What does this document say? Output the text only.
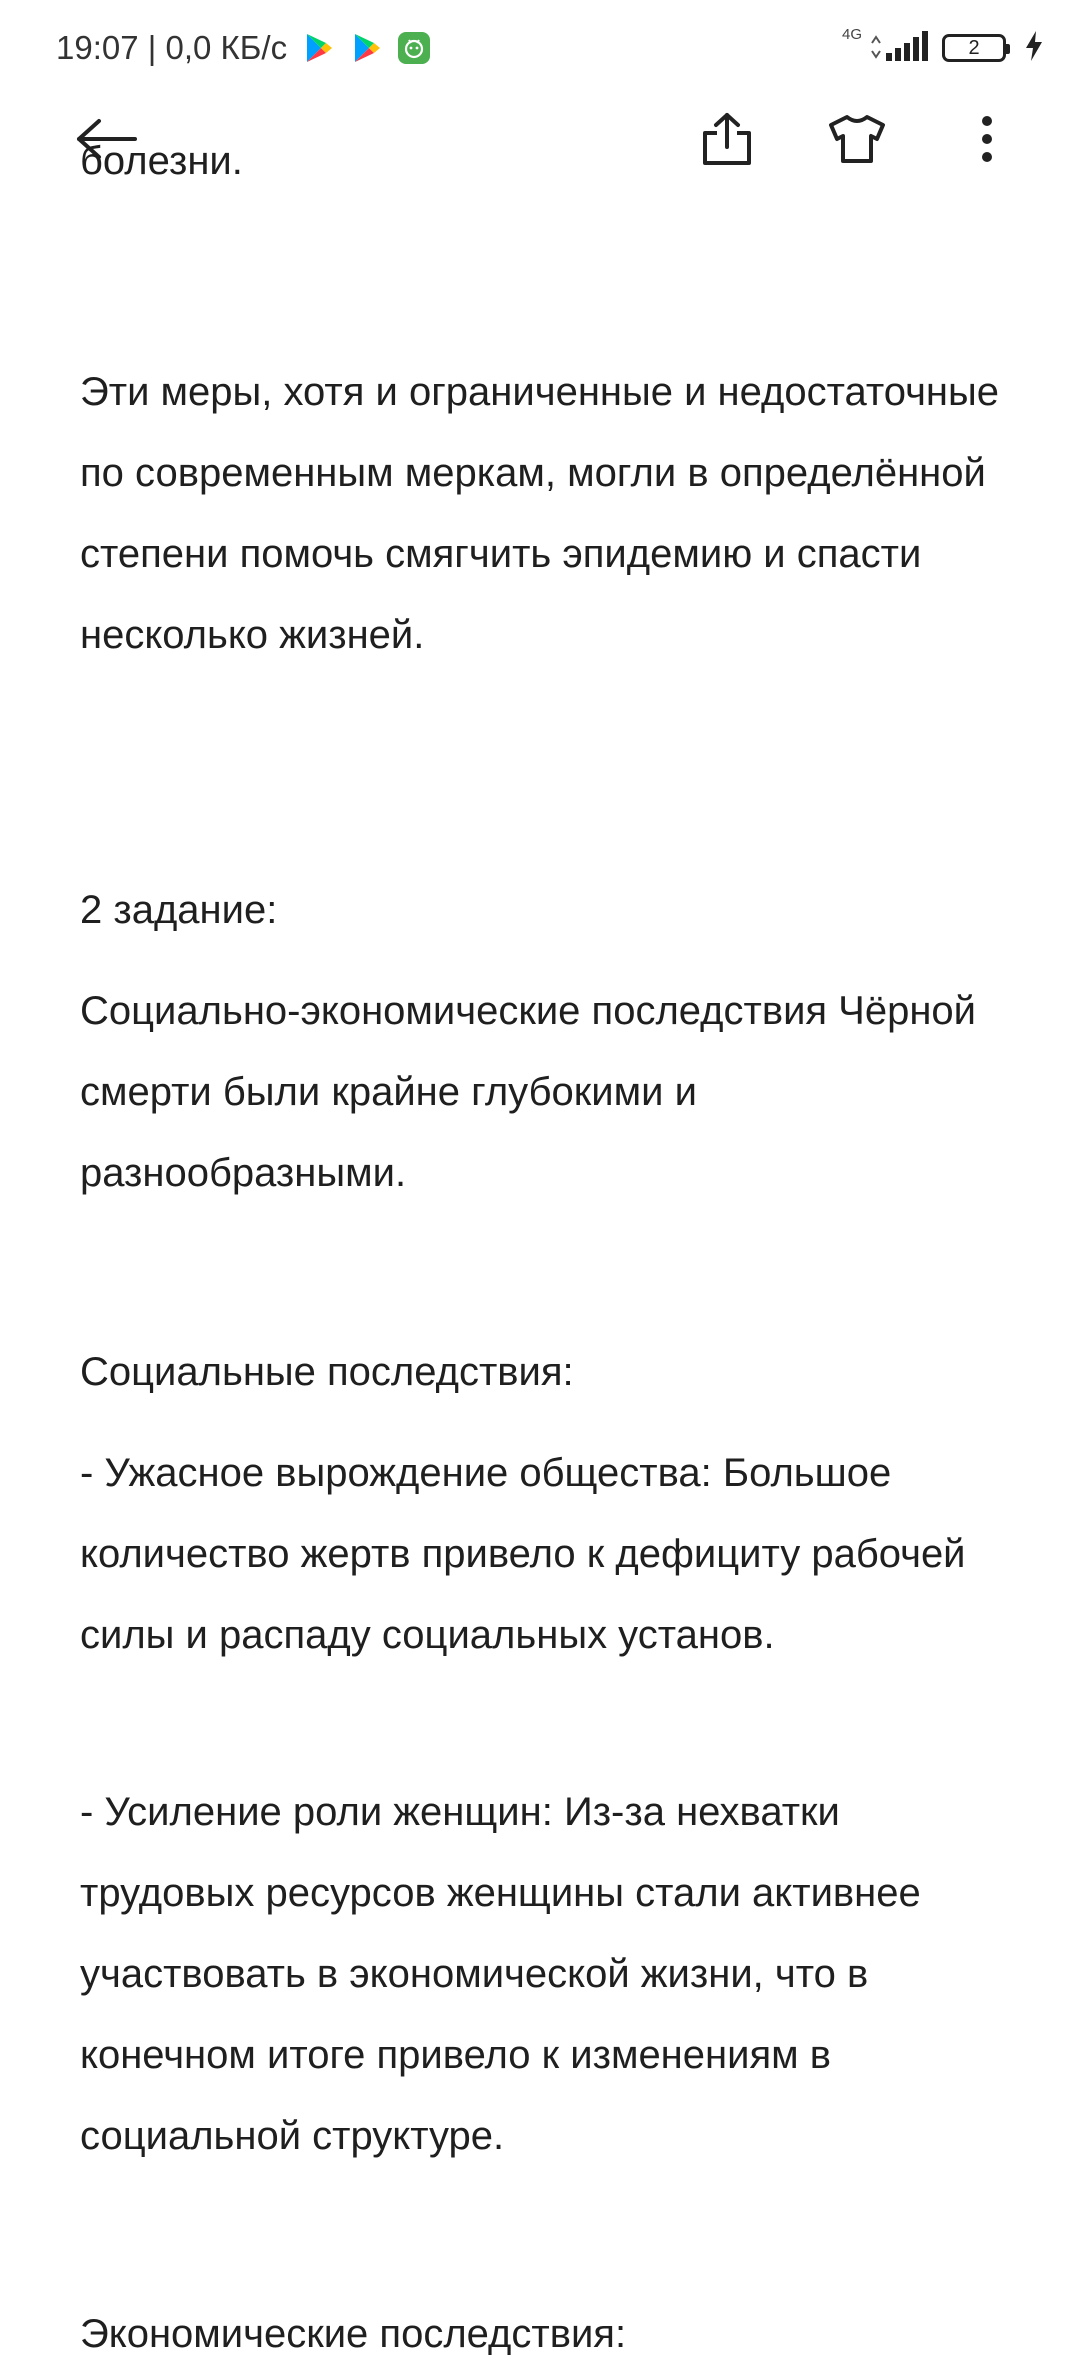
19:07 | 0,0 КБ/с	4G
2

болезни.

Эти меры, хотя и ограниченные и недостаточные по современным меркам, могли в определённой степени помочь смягчить эпидемию и спасти несколько жизней.

2 задание:

Социально-экономические последствия Чёрной смерти были крайне глубокими и разнообразными.

Социальные последствия:

- Ужасное вырождение общества: Большое количество жертв привело к дефициту рабочей силы и распаду социальных установ.

- Усиление роли женщин: Из-за нехватки трудовых ресурсов женщины стали активнее участвовать в экономической жизни, что в конечном итоге привело к изменениям в социальной структуре.

Экономические последствия:
